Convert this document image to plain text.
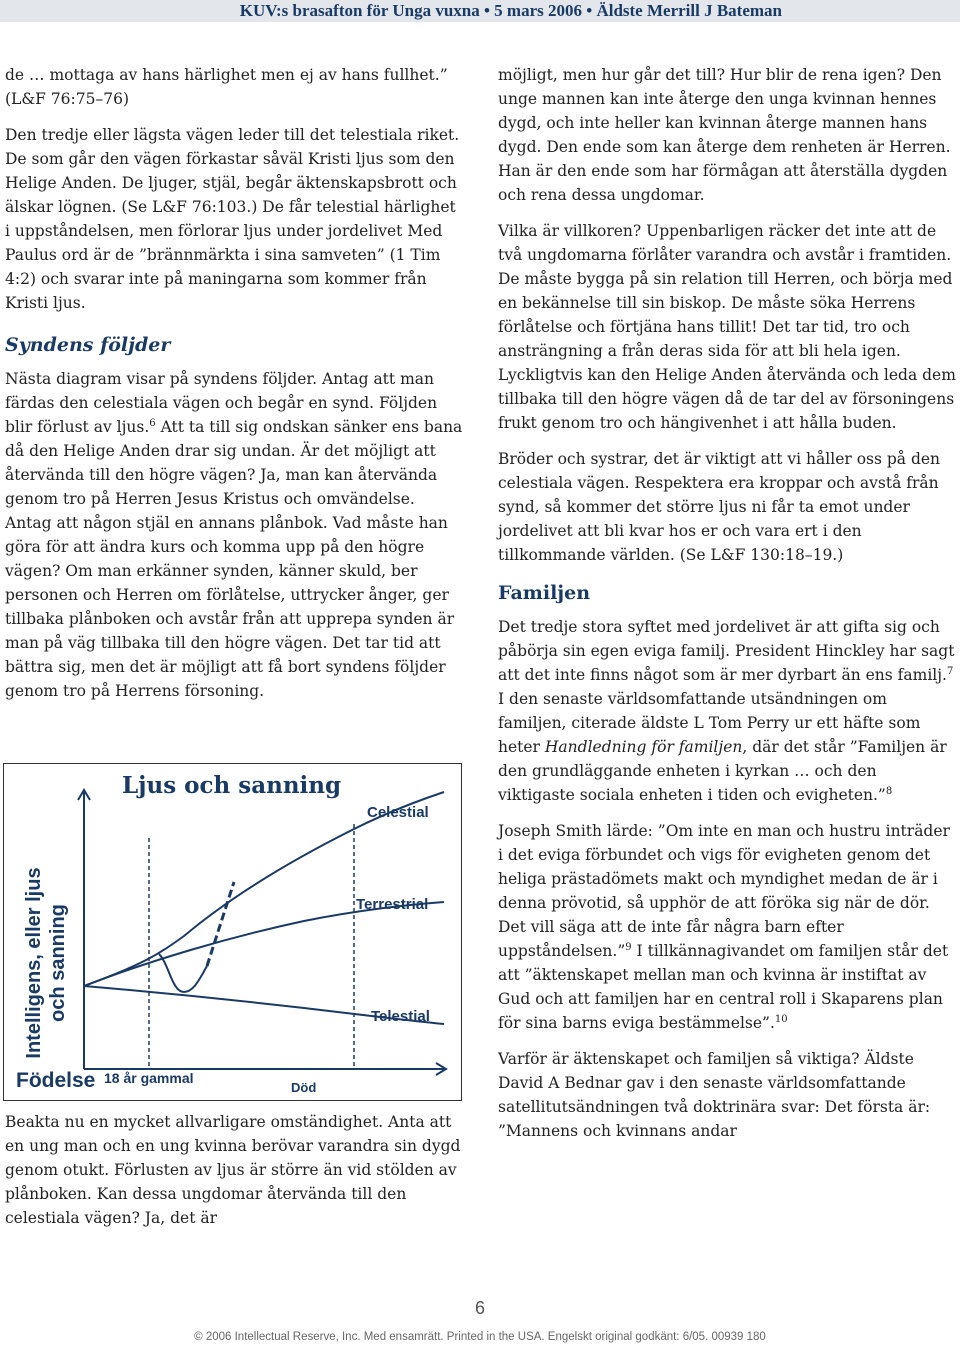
KUV:s brasafton för Unga vuxna • 5 mars 2006 • Äldste Merrill J Bateman

de … mottaga av hans härlighet men ej av hans fullhet.” (L&F 76:75–76)

Den tredje eller lägsta vägen leder till det telestiala riket. De som går den vägen förkastar såväl Kristi ljus som den Helige Anden. De ljuger, stjäl, begår äktenskapsbrott och älskar lögnen. (Se L&F 76:103.) De får telestial härlighet i uppståndelsen, men förlorar ljus under jordelivet Med Paulus ord är de ”brännmärkta i sina samveten” (1 Tim 4:2) och svarar inte på maningarna som kommer från Kristi ljus.

Syndens följder

Nästa diagram visar på syndens följder. Antag att man färdas den celestiala vägen och begår en synd. Följden blir förlust av ljus.$^6$ Att ta till sig ondskan sänker ens bana då den Helige Anden drar sig undan. Är det möjligt att återvända till den högre vägen? Ja, man kan återvända genom tro på Herren Jesus Kristus och omvändelse. Antag att någon stjäl en annans plånbok. Vad måste han göra för att ändra kurs och komma upp på den högre vägen? Om man erkänner synden, känner skuld, ber personen och Herren om förlåtelse, uttrycker ånger, ger tillbaka plånboken och avstår från att upprepa synden är man på väg tillbaka till den högre vägen. Det tar tid att bättra sig, men det är möjligt att få bort syndens följder genom tro på Herrens försoning.

Ljus och sanning
Intelligens, eller ljus och sanning
Celestial
Terrestrial
Telestial
Födelse 18 år gammal
Död

Beakta nu en mycket allvarligare omständighet. Anta att en ung man och en ung kvinna berövar varandra sin dygd genom otukt. Förlusten av ljus är större än vid stölden av plånboken. Kan dessa ungdomar återvända till den celestiala vägen? Ja, det är

möjligt, men hur går det till? Hur blir de rena igen? Den unge mannen kan inte återge den unga kvinnan hennes dygd, och inte heller kan kvinnan återge mannen hans dygd. Den ende som kan återge dem renheten är Herren. Han är den ende som har förmågan att återställa dygden och rena dessa ungdomar.

Vilka är villkoren? Uppenbarligen räcker det inte att de två ungdomarna förlåter varandra och avstår i framtiden. De måste bygga på sin relation till Herren, och börja med en bekännelse till sin biskop. De måste söka Herrens förlåtelse och förtjäna hans tillit! Det tar tid, tro och ansträngning a från deras sida för att bli hela igen. Lyckligtvis kan den Helige Anden återvända och leda dem tillbaka till den högre vägen då de tar del av försoningens frukt genom tro och hängivenhet i att hålla buden.

Bröder och systrar, det är viktigt att vi håller oss på den celestiala vägen. Respektera era kroppar och avstå från synd, så kommer det större ljus ni får ta emot under jordelivet att bli kvar hos er och vara ert i den tillkommande världen. (Se L&F 130:18–19.)

Familjen

Det tredje stora syftet med jordelivet är att gifta sig och påbörja sin egen eviga familj. President Hinckley har sagt att det inte finns något som är mer dyrbart än ens familj.$^7$ I den senaste världsomfattande utsändningen om familjen, citerade äldste L Tom Perry ur ett häfte som heter Handledning för familjen, där det står ”Familjen är den grundläggande enheten i kyrkan … och den viktigaste sociala enheten i tiden och evigheten.”$^8$

Joseph Smith lärde: ”Om inte en man och hustru inträder i det eviga förbundet och vigs för evigheten genom det heliga prästadömets makt och myndighet medan de är i denna prövotid, så upphör de att föröka sig när de dör. Det vill säga att de inte får några barn efter uppståndelsen.”$^9$ I tillkännagivandet om familjen står det att ”äktenskapet mellan man och kvinna är instiftat av Gud och att familjen har en central roll i Skaparens plan för sina barns eviga bestämmelse”.$^{10}$

Varför är äktenskapet och familjen så viktiga? Äldste David A Bednar gav i den senaste världsomfattande satellitutsändningen två doktrinära svar: Det första är: ”Mannens och kvinnans andar

6
© 2006 Intellectual Reserve, Inc. Med ensamrätt. Printed in the USA. Engelskt original godkänt: 6/05. 00939 180
